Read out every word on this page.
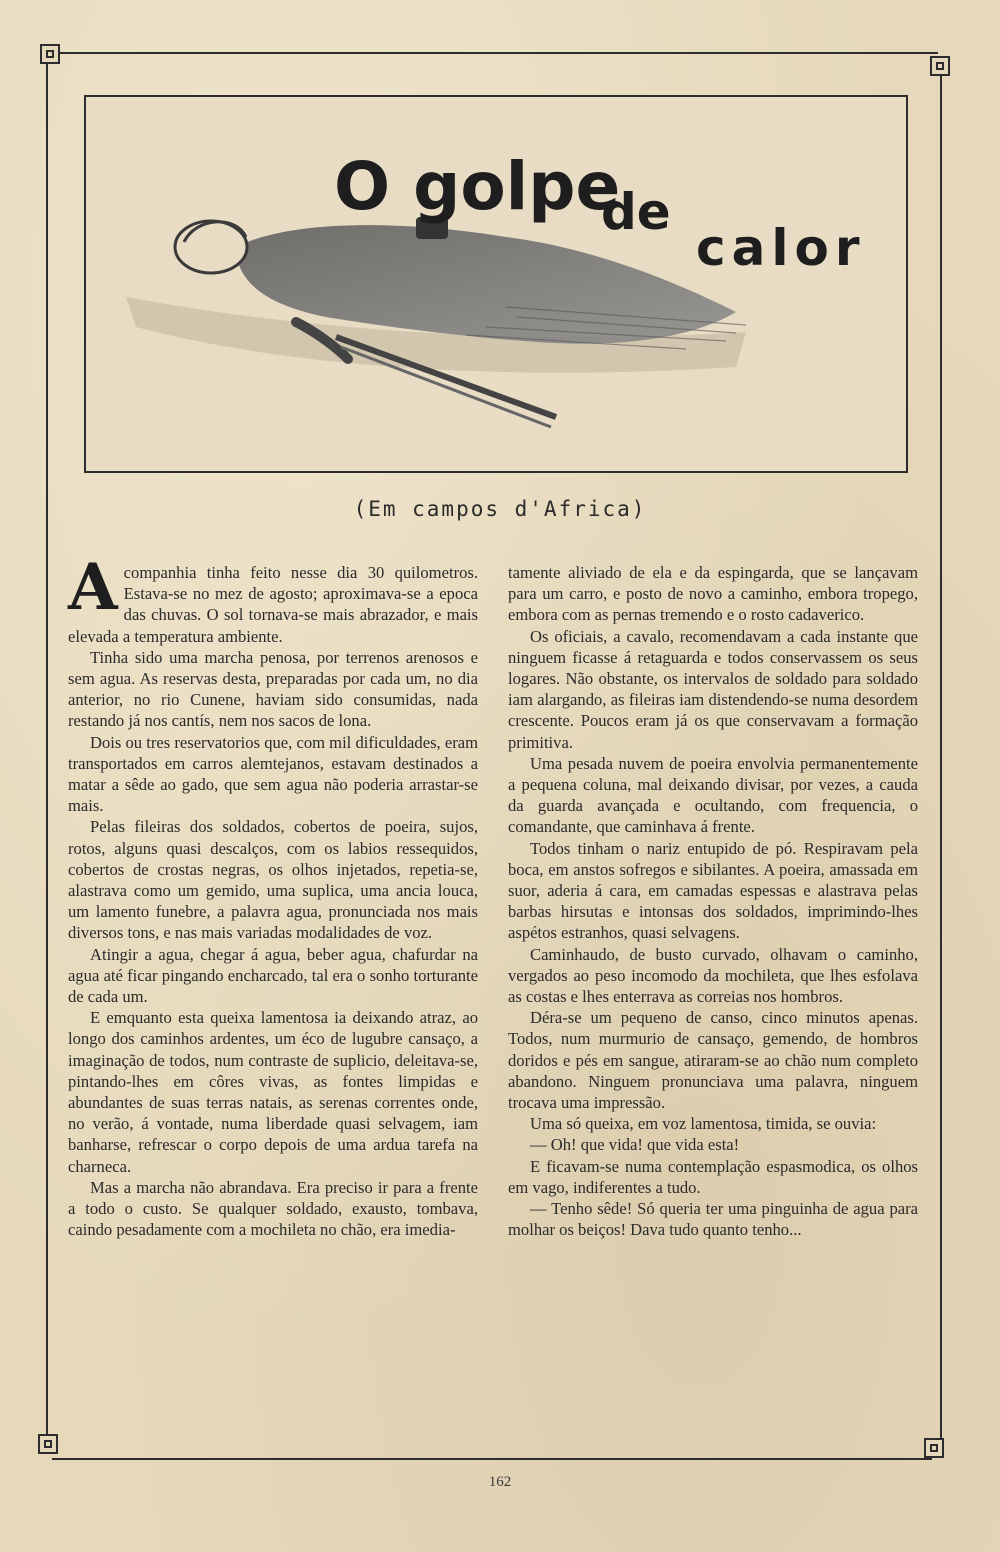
O golpe
de
calor
(Em campos d'Africa)

Acompanhia tinha feito nesse dia 30 quilometros. Estava-se no mez de agosto; aproximava-se a epoca das chuvas. O sol tornava-se mais abrazador, e mais elevada a temperatura ambiente.

Tinha sido uma marcha penosa, por terrenos arenosos e sem agua. As reservas desta, preparadas por cada um, no dia anterior, no rio Cunene, haviam sido consumidas, nada restando já nos cantís, nem nos sacos de lona.

Dois ou tres reservatorios que, com mil dificuldades, eram transportados em carros alemtejanos, estavam destinados a matar a sêde ao gado, que sem agua não poderia arrastar-se mais.

Pelas fileiras dos soldados, cobertos de poeira, sujos, rotos, alguns quasi descalços, com os labios ressequidos, cobertos de crostas negras, os olhos injetados, repetia-se, alastrava como um gemido, uma suplica, uma ancia louca, um lamento funebre, a palavra agua, pronunciada nos mais diversos tons, e nas mais variadas modalidades de voz.

Atingir a agua, chegar á agua, beber agua, chafurdar na agua até ficar pingando encharcado, tal era o sonho torturante de cada um.

E emquanto esta queixa lamentosa ia deixando atraz, ao longo dos caminhos ardentes, um éco de lugubre cansaço, a imaginação de todos, num contraste de suplicio, deleitava-se, pintando-lhes em côres vivas, as fontes limpidas e abundantes de suas terras natais, as serenas correntes onde, no verão, á vontade, numa liberdade quasi selvagem, iam banharse, refrescar o corpo depois de uma ardua tarefa na charneca.

Mas a marcha não abrandava. Era preciso ir para a frente a todo o custo. Se qualquer soldado, exausto, tombava, caindo pesadamente com a mochileta no chão, era imedia-

tamente aliviado de ela e da espingarda, que se lançavam para um carro, e posto de novo a caminho, embora tropego, embora com as pernas tremendo e o rosto cadaverico.

Os oficiais, a cavalo, recomendavam a cada instante que ninguem ficasse á retaguarda e todos conservassem os seus logares. Não obstante, os intervalos de soldado para soldado iam alargando, as fileiras iam distendendo-se numa desordem crescente. Poucos eram já os que conservavam a formação primitiva.

Uma pesada nuvem de poeira envolvia permanentemente a pequena coluna, mal deixando divisar, por vezes, a cauda da guarda avançada e ocultando, com frequencia, o comandante, que caminhava á frente.

Todos tinham o nariz entupido de pó. Respiravam pela boca, em anstos sofregos e sibilantes. A poeira, amassada em suor, aderia á cara, em camadas espessas e alastrava pelas barbas hirsutas e intonsas dos soldados, imprimindo-lhes aspétos estranhos, quasi selvagens.

Caminhaudo, de busto curvado, olhavam o caminho, vergados ao peso incomodo da mochileta, que lhes esfolava as costas e lhes enterrava as correias nos hombros.

Déra-se um pequeno de canso, cinco minutos apenas. Todos, num murmurio de cansaço, gemendo, de hombros doridos e pés em sangue, atiraram-se ao chão num completo abandono. Ninguem pronunciava uma palavra, ninguem trocava uma impressão.

Uma só queixa, em voz lamentosa, timida, se ouvia:

— Oh! que vida! que vida esta!

E ficavam-se numa contemplação espasmodica, os olhos em vago, indiferentes a tudo.

— Tenho sêde! Só queria ter uma pinguinha de agua para molhar os beiços! Dava tudo quanto tenho...

162
